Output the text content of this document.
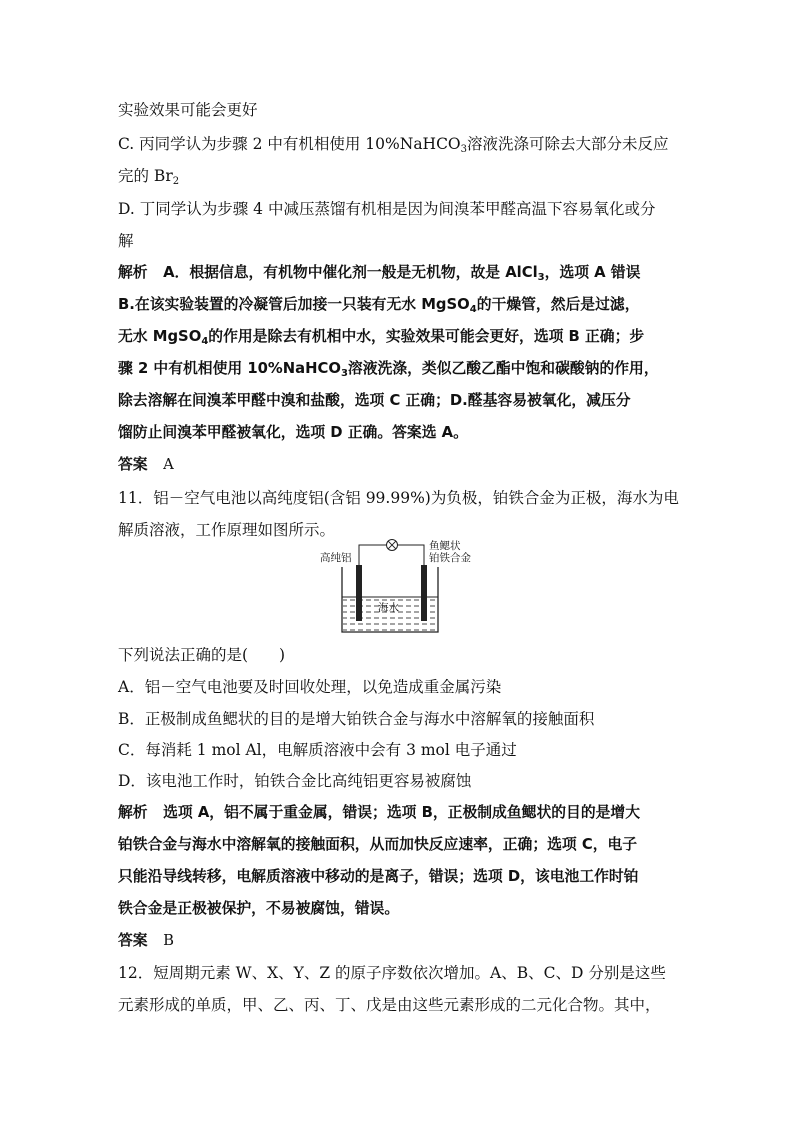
实验效果可能会更好
C. 丙同学认为步骤 2 中有机相使用 10%NaHCO$_3$溶液洗涤可除去大部分未反应
完的 $Br_2$
D. 丁同学认为步骤 4 中减压蒸馏有机相是因为间溴苯甲醛高温下容易氧化或分
解
解析 A．根据信息，有机物中催化剂一般是无机物，故是 AlCl$_3$，选项 A 错误
B.在该实验装置的冷凝管后加接一只装有无水 MgSO$_4$的干燥管，然后是过滤，
无水 MgSO$_4$的作用是除去有机相中水，实验效果可能会更好，选项 B 正确；步
骤 2 中有机相使用 10%NaHCO$_3$溶液洗涤，类似乙酸乙酯中饱和碳酸钠的作用，
除去溶解在间溴苯甲醛中溴和盐酸，选项 C 正确；D.醛基容易被氧化，减压分
馏防止间溴苯甲醛被氧化，选项 D 正确。答案选 A。
答案 A
11．铝－空气电池以高纯度铝(含铝 99.99%)为负极，铂铁合金为正极，海水为电
解质溶液，工作原理如图所示。
高纯铝
鱼鳃状
铂铁合金
海水
下列说法正确的是(　　)
A．铝－空气电池要及时回收处理，以免造成重金属污染
B．正极制成鱼鳃状的目的是增大铂铁合金与海水中溶解氧的接触面积
C．每消耗 1 mol Al，电解质溶液中会有 3 mol 电子通过
D．该电池工作时，铂铁合金比高纯铝更容易被腐蚀
解析 选项 A，铝不属于重金属，错误；选项 B，正极制成鱼鳃状的目的是增大
铂铁合金与海水中溶解氧的接触面积，从而加快反应速率，正确；选项 C，电子
只能沿导线转移，电解质溶液中移动的是离子，错误；选项 D，该电池工作时铂
铁合金是正极被保护，不易被腐蚀，错误。
答案 B
12．短周期元素 W、X、Y、Z 的原子序数依次增加。A、B、C、D 分别是这些
元素形成的单质，甲、乙、丙、丁、戊是由这些元素形成的二元化合物。其中，
